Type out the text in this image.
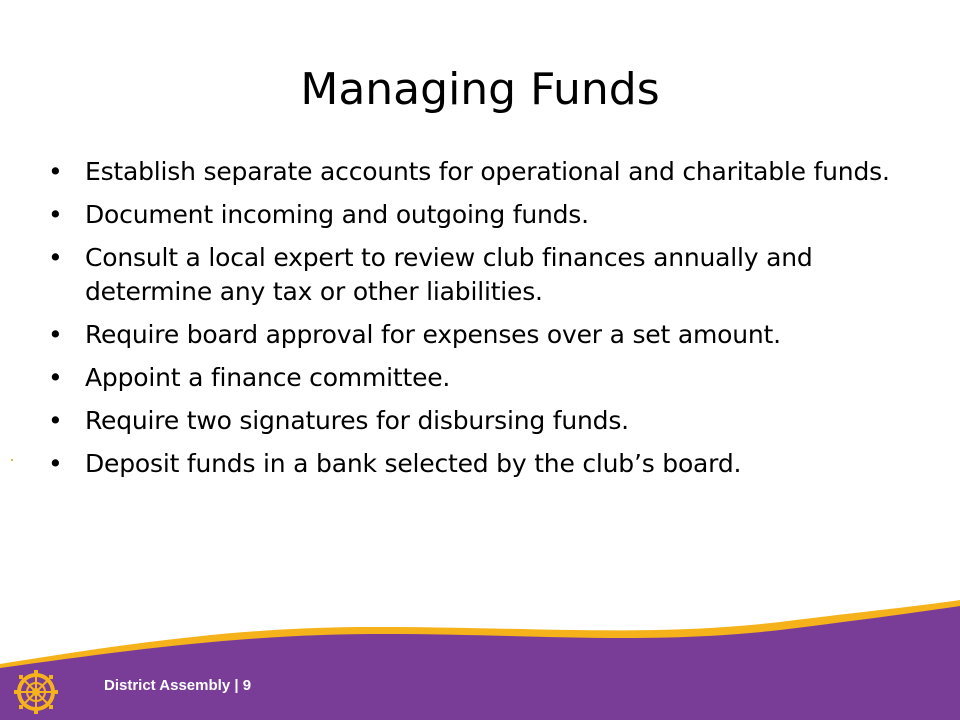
Managing Funds
• Establish separate accounts for operational and charitable funds.
• Document incoming and outgoing funds.
• Consult a local expert to review club finances annually and determine any tax or other liabilities.
• Require board approval for expenses over a set amount.
• Appoint a finance committee.
• Require two signatures for disbursing funds.
• Deposit funds in a bank selected by the club’s board.
District Assembly | 9
